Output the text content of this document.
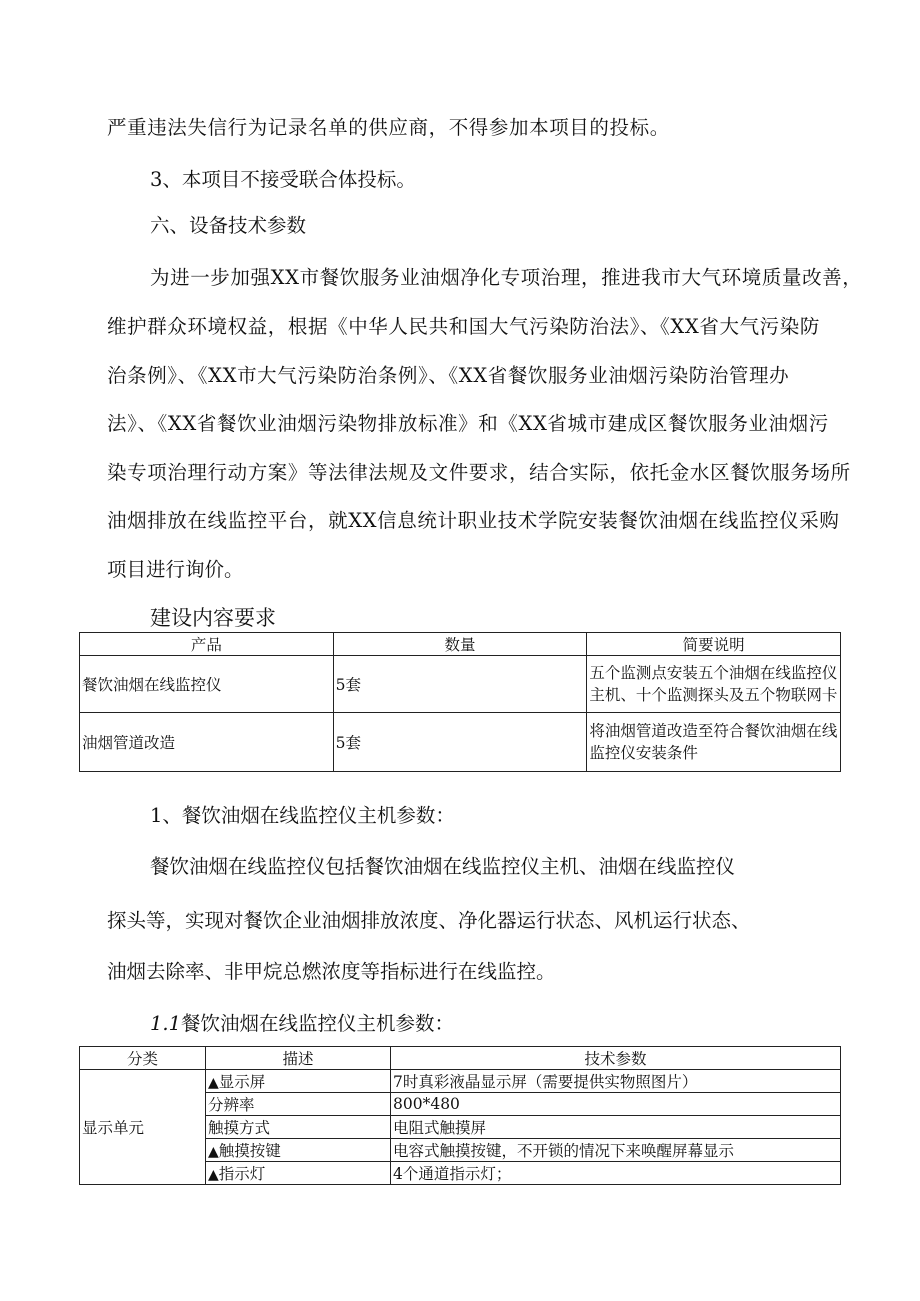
严重违法失信行为记录名单的供应商，不得参加本项目的投标。
3、本项目不接受联合体投标。
六、设备技术参数
为进一步加强XX市餐饮服务业油烟净化专项治理，推进我市大气环境质量改善，
维护群众环境权益，根据《中华人民共和国大气污染防治法》、《XX省大气污染防
治条例》、《XX市大气污染防治条例》、《XX省餐饮服务业油烟污染防治管理办
法》、《XX省餐饮业油烟污染物排放标准》和《XX省城市建成区餐饮服务业油烟污
染专项治理行动方案》等法律法规及文件要求，结合实际，依托金水区餐饮服务场所
油烟排放在线监控平台，就XX信息统计职业技术学院安装餐饮油烟在线监控仪采购
项目进行询价。
建设内容要求
产品	数量	简要说明
餐饮油烟在线监控仪	5套	五个监测点安装五个油烟在线监控仪主机、十个监测探头及五个物联网卡
油烟管道改造	5套	将油烟管道改造至符合餐饮油烟在线监控仪安装条件
1、餐饮油烟在线监控仪主机参数：
餐饮油烟在线监控仪包括餐饮油烟在线监控仪主机、油烟在线监控仪
探头等，实现对餐饮企业油烟排放浓度、净化器运行状态、风机运行状态、
油烟去除率、非甲烷总燃浓度等指标进行在线监控。
1.1餐饮油烟在线监控仪主机参数：
分类	描述	技术参数
显示单元	▲显示屏	7时真彩液晶显示屏（需要提供实物照图片）
	分辨率	800*480
	触摸方式	电阻式触摸屏
	▲触摸按键	电容式触摸按键，不开锁的情况下来唤醒屏幕显示
	▲指示灯	4个通道指示灯；
